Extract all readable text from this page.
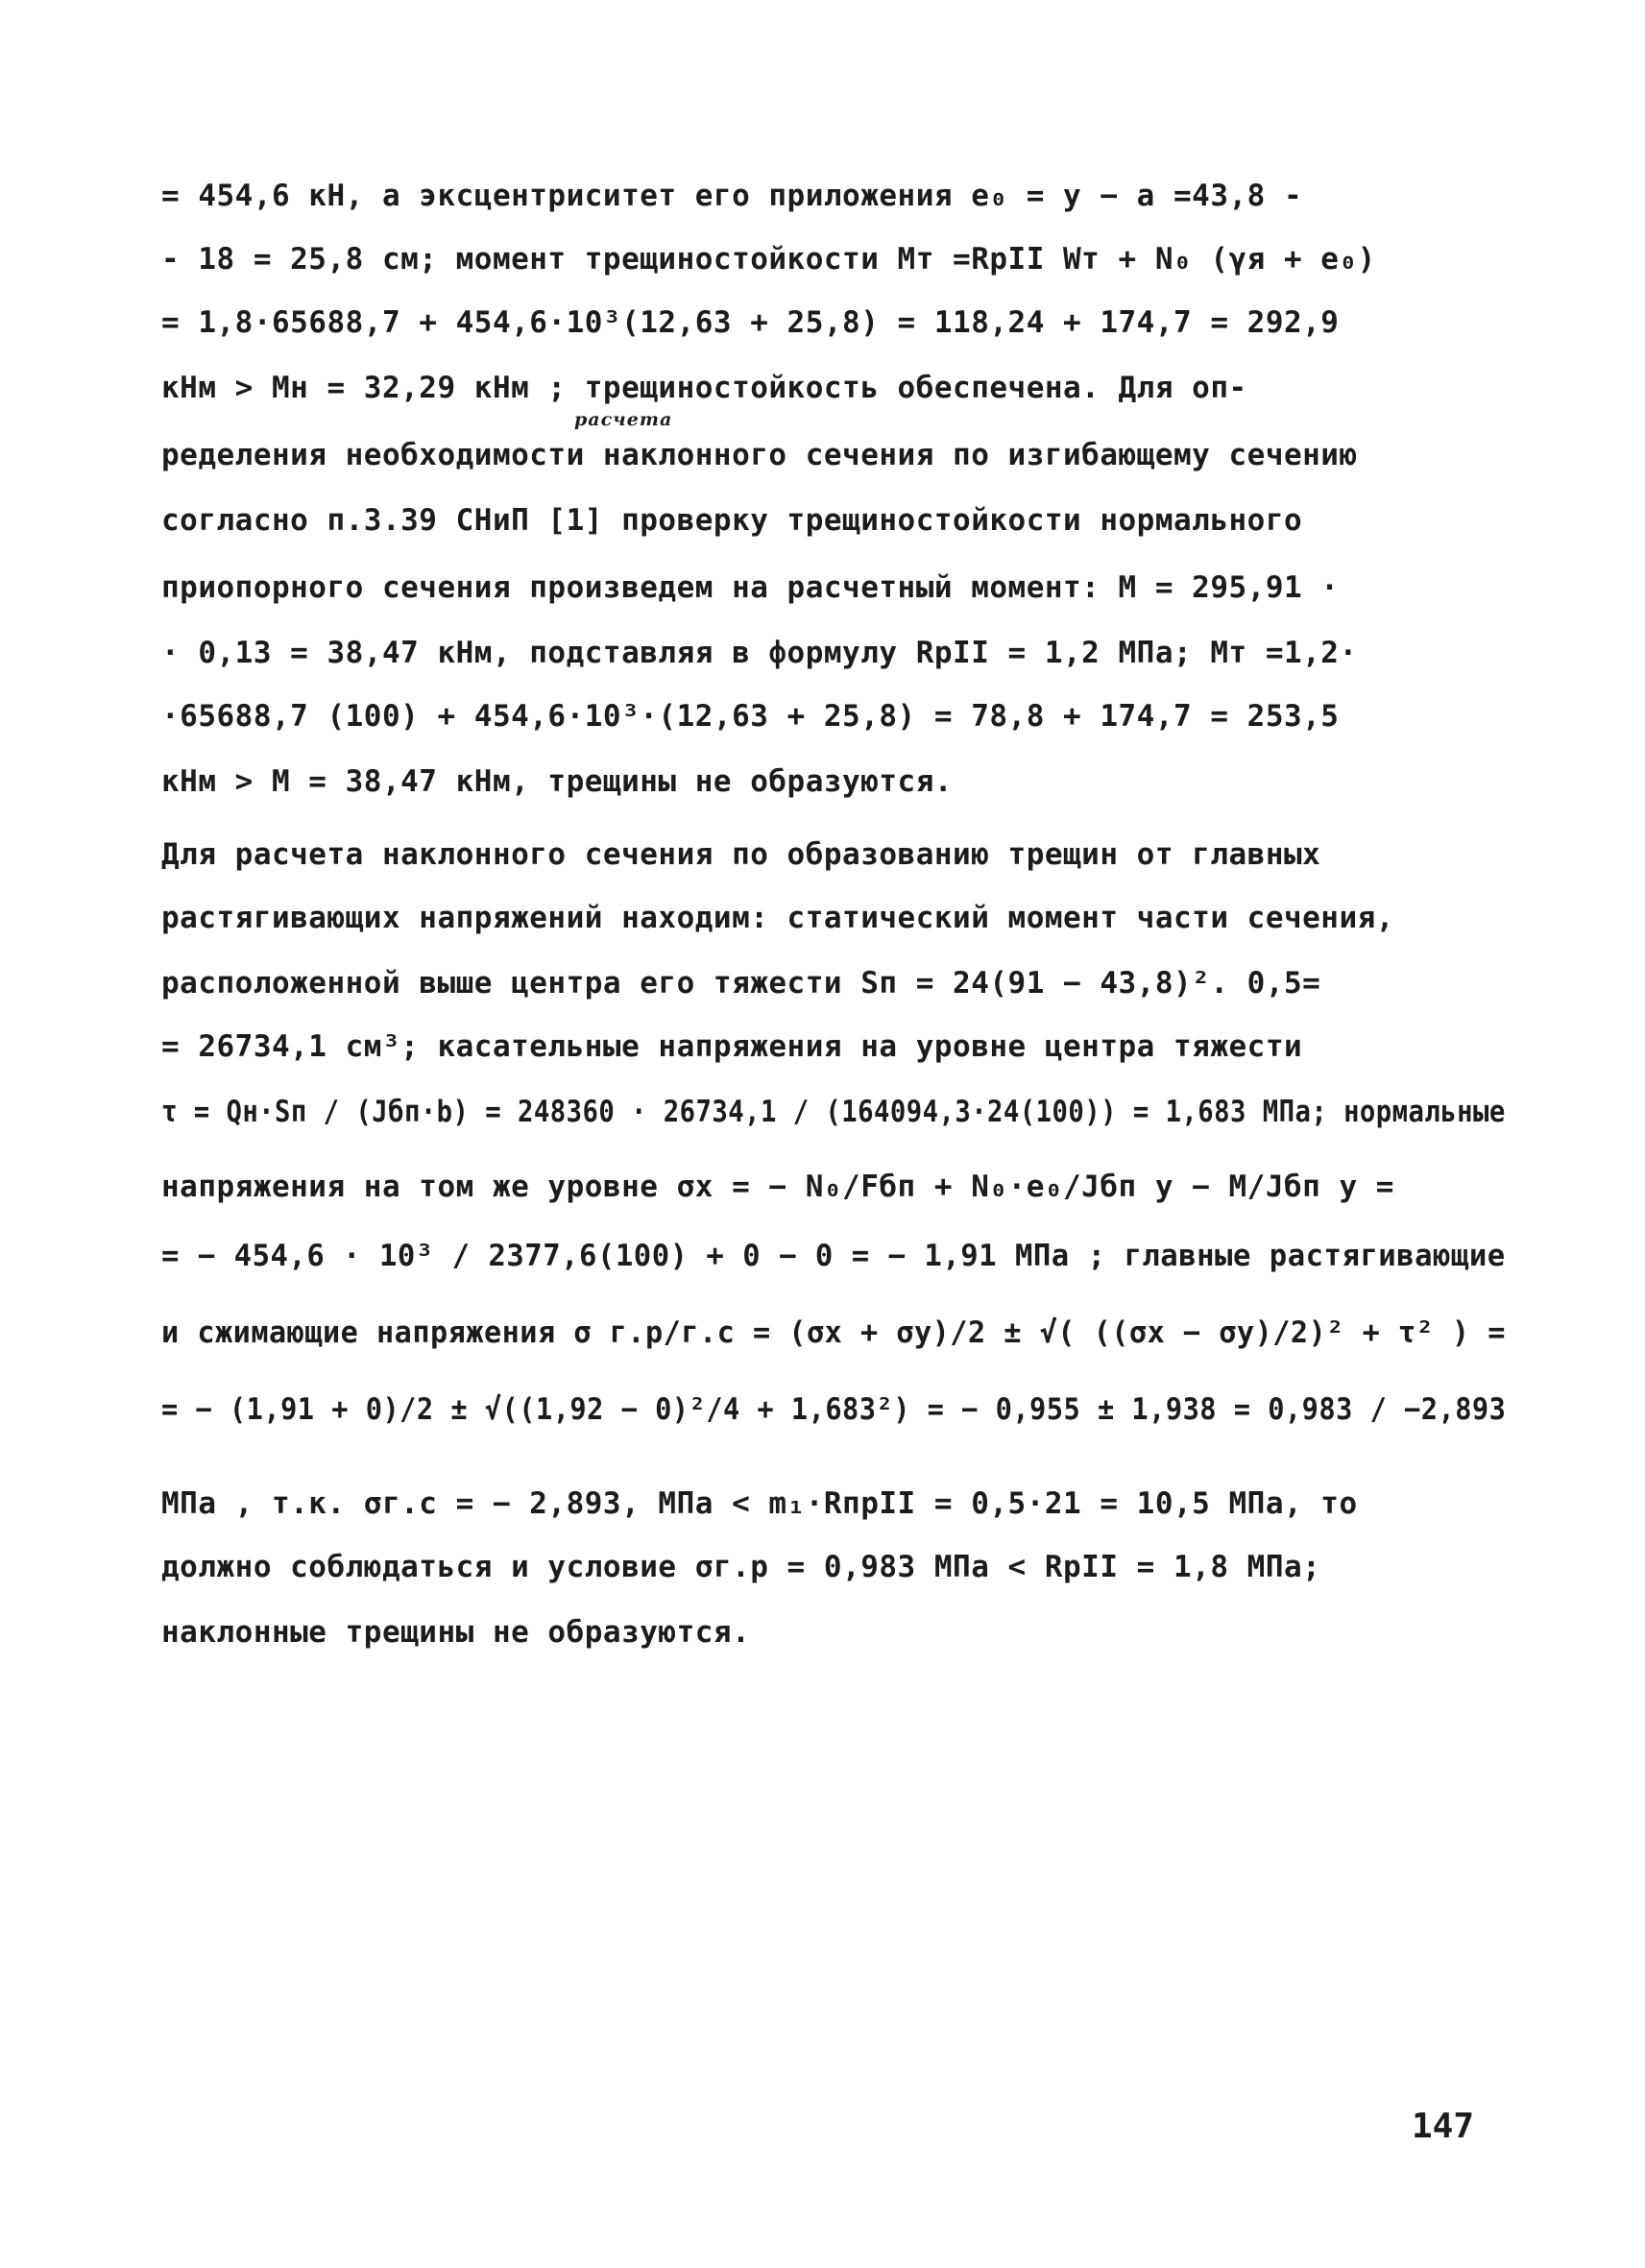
= 454,6 кН, а эксцентриситет его приложения e₀ = y − a =43,8 -
- 18 = 25,8 см; момент трещиностойкости Mт =RрII Wт + N₀ (γя + e₀)
= 1,8·65688,7 + 454,6·10³(12,63 + 25,8) = 118,24 + 174,7 = 292,9
кНм > Mн = 32,29 кНм ; трещиностойкость обеспечена. Для оп-
ределения необходимости наклонного сечения по изгибающему сечению
согласно п.3.39 СНиП [1] проверку трещиностойкости нормального
приопорного сечения произведем на расчетный момент: M = 295,91 ·
· 0,13 = 38,47 кНм, подставляя в формулу RрII = 1,2 МПа; Mт =1,2·
·65688,7 (100) + 454,6·10³·(12,63 + 25,8) = 78,8 + 174,7 = 253,5
кНм > M = 38,47 кНм, трещины не образуются.
Для расчета наклонного сечения по образованию трещин от главных
растягивающих напряжений находим: статический момент части сечения,
расположенной выше центра его тяжести Sп = 24(91 − 43,8)². 0,5=
= 26734,1 см³; касательные напряжения на уровне центра тяжести
τ = Qн·Sп / (Jбп·b) = 248360 · 26734,1 / (164094,3·24(100)) = 1,683 МПа; нормальные
напряжения на том же уровне σx = − N₀/Fбп + N₀·e₀/Jбп y − M/Jбп y =
= − 454,6 · 10³ / 2377,6(100) + 0 − 0 = − 1,91 МПа ; главные растягивающие
и сжимающие напряжения σ г.р/г.с = (σx + σy)/2 ± √( ((σx − σy)/2)² + τ² ) =
= − (1,91 + 0)/2 ± √((1,92 − 0)²/4 + 1,683²) = − 0,955 ± 1,938 = 0,983 / −2,893
МПа , т.к. σг.с = − 2,893, МПа < m₁·RпрII = 0,5·21 = 10,5 МПа, то
должно соблюдаться и условие σг.р = 0,983 МПа < RрII = 1,8 МПа;
наклонные трещины не образуются.
расчета
147
